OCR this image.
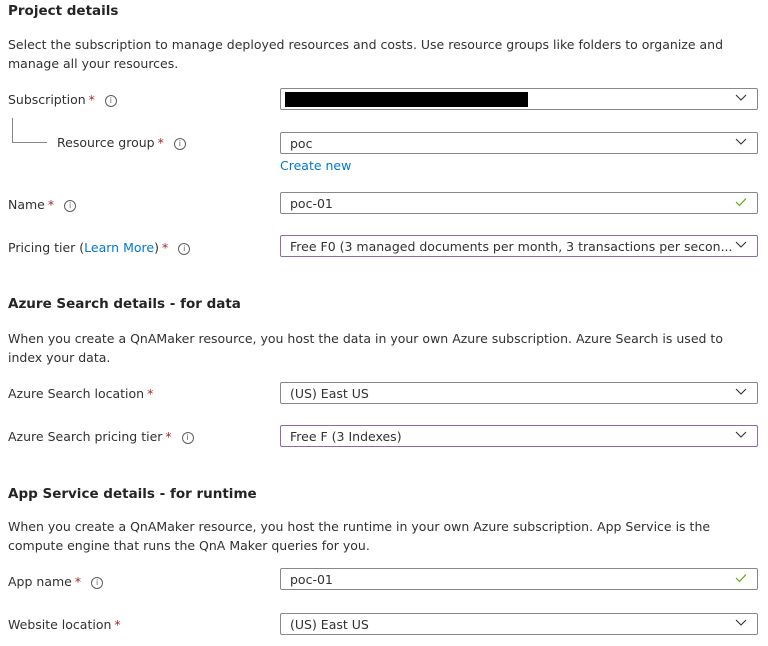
Project details
Select the subscription to manage deployed resources and costs. Use resource groups like folders to organize and manage all your resources.
Subscription * i
Resource group * i	poc
Create new
Name * i	poc-01
Pricing tier (Learn More) * i	Free F0 (3 managed documents per month, 3 transactions per secon...
Azure Search details - for data
When you create a QnAMaker resource, you host the data in your own Azure subscription. Azure Search is used to index your data.
Azure Search location *	(US) East US
Azure Search pricing tier * i	Free F (3 Indexes)
App Service details - for runtime
When you create a QnAMaker resource, you host the runtime in your own Azure subscription. App Service is the compute engine that runs the QnA Maker queries for you.
App name * i	poc-01
Website location *	(US) East US
